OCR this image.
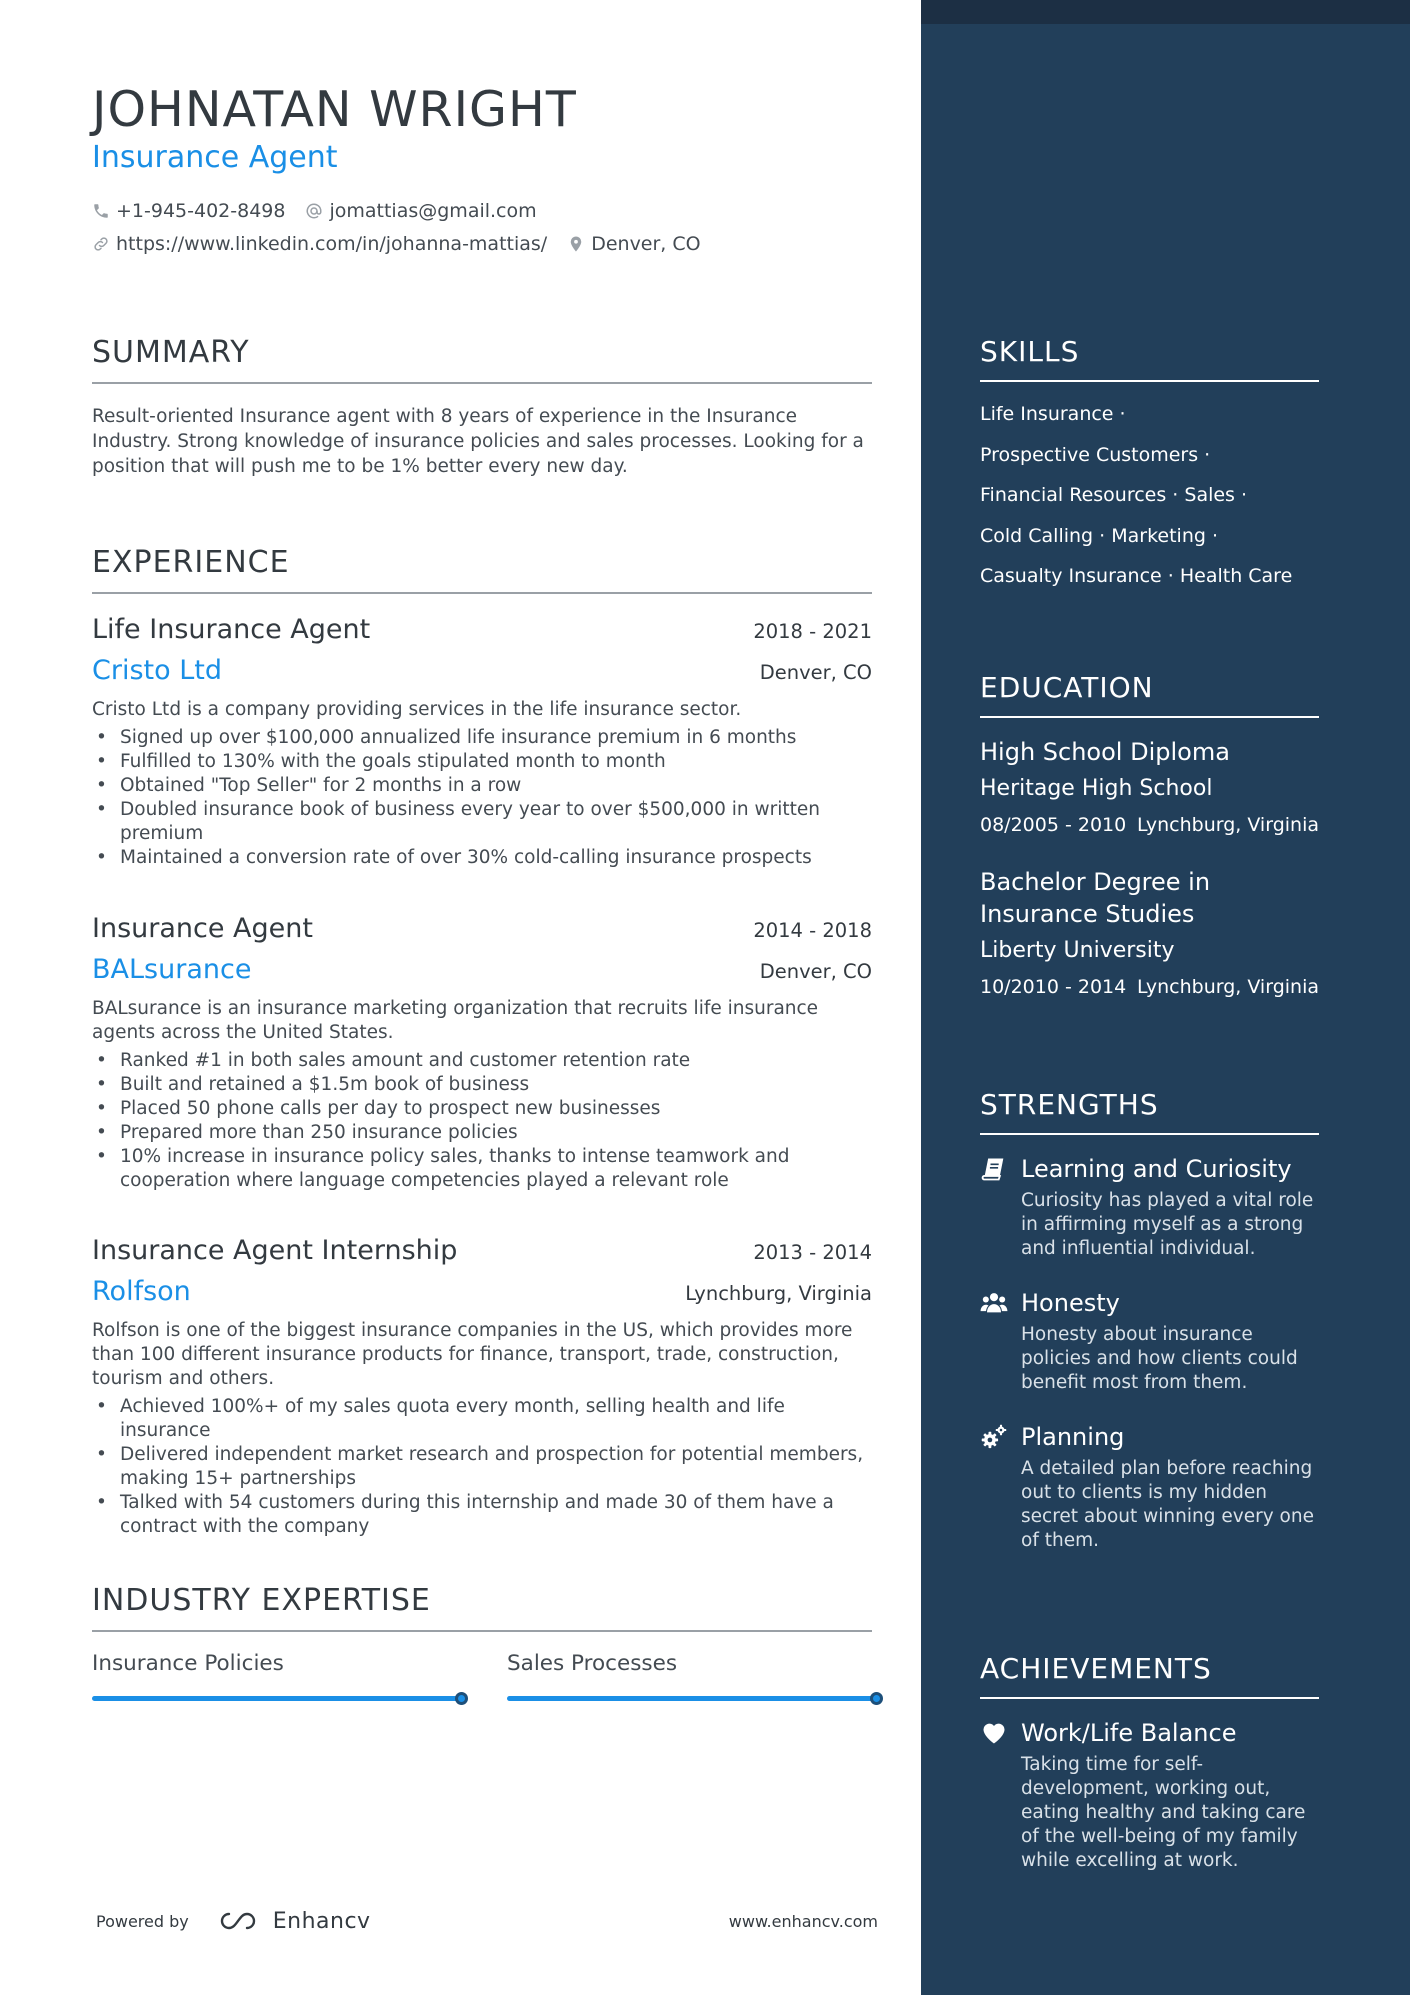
JOHNATAN WRIGHT
Insurance Agent
+1-945-402-8498 jomattias@gmail.com
https://www.linkedin.com/in/johanna-mattias/ Denver, CO
SUMMARY

Result-oriented Insurance agent with 8 years of experience in the Insurance Industry. Strong knowledge of insurance policies and sales processes. Looking for a position that will push me to be 1% better every new day.

EXPERIENCE
Life Insurance Agent	2018 - 2021
Cristo Ltd	Denver, CO

Cristo Ltd is a company providing services in the life insurance sector.

• Signed up over $100,000 annualized life insurance premium in 6 months
• Fulfilled to 130% with the goals stipulated month to month
• Obtained "Top Seller" for 2 months in a row
• Doubled insurance book of business every year to over $500,000 in written premium
• Maintained a conversion rate of over 30% cold-calling insurance prospects
Insurance Agent	2014 - 2018
BALsurance	Denver, CO

BALsurance is an insurance marketing organization that recruits life insurance agents across the United States.

• Ranked #1 in both sales amount and customer retention rate
• Built and retained a $1.5m book of business
• Placed 50 phone calls per day to prospect new businesses
• Prepared more than 250 insurance policies
• 10% increase in insurance policy sales, thanks to intense teamwork and cooperation where language competencies played a relevant role
Insurance Agent Internship	2013 - 2014
Rolfson	Lynchburg, Virginia

Rolfson is one of the biggest insurance companies in the US, which provides more than 100 different insurance products for finance, transport, trade, construction, tourism and others.

• Achieved 100%+ of my sales quota every month, selling health and life insurance
• Delivered independent market research and prospection for potential members, making 15+ partnerships
• Talked with 54 customers during this internship and made 30 of them have a contract with the company
INDUSTRY EXPERTISE
Insurance Policies	Sales Processes
Powered by	Enhancv	www.enhancv.com
SKILLS
Life Insurance ·
Prospective Customers ·
Financial Resources · Sales ·
Cold Calling · Marketing ·
Casualty Insurance · Health Care
EDUCATION
High School Diploma
Heritage High School
08/2005 - 2010 Lynchburg, Virginia
Bachelor Degree in Insurance Studies
Liberty University
10/2010 - 2014 Lynchburg, Virginia
STRENGTHS
Learning and Curiosity
Curiosity has played a vital role in affirming myself as a strong and influential individual.
Honesty
Honesty about insurance policies and how clients could benefit most from them.
Planning
A detailed plan before reaching out to clients is my hidden secret about winning every one of them.
ACHIEVEMENTS
Work/Life Balance
Taking time for self-development, working out, eating healthy and taking care of the well-being of my family while excelling at work.
